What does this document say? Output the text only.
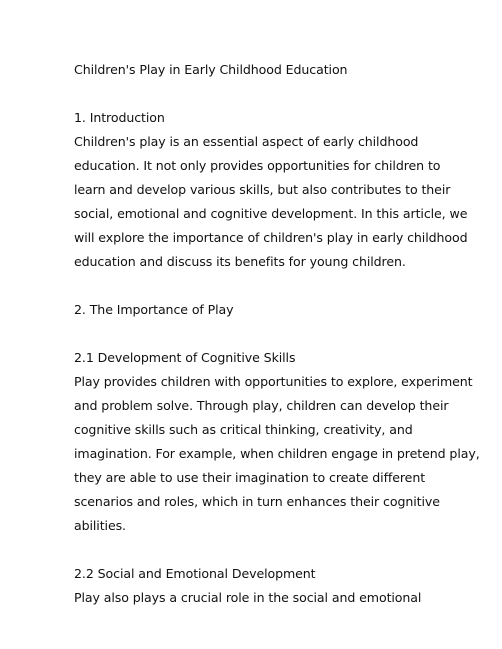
Children's Play in Early Childhood Education
1. Introduction
Children's play is an essential aspect of early childhood
education. It not only provides opportunities for children to
learn and develop various skills, but also contributes to their
social, emotional and cognitive development. In this article, we
will explore the importance of children's play in early childhood
education and discuss its benefits for young children.
2. The Importance of Play
2.1 Development of Cognitive Skills
Play provides children with opportunities to explore, experiment
and problem solve. Through play, children can develop their
cognitive skills such as critical thinking, creativity, and
imagination. For example, when children engage in pretend play,
they are able to use their imagination to create different
scenarios and roles, which in turn enhances their cognitive
abilities.
2.2 Social and Emotional Development
Play also plays a crucial role in the social and emotional
